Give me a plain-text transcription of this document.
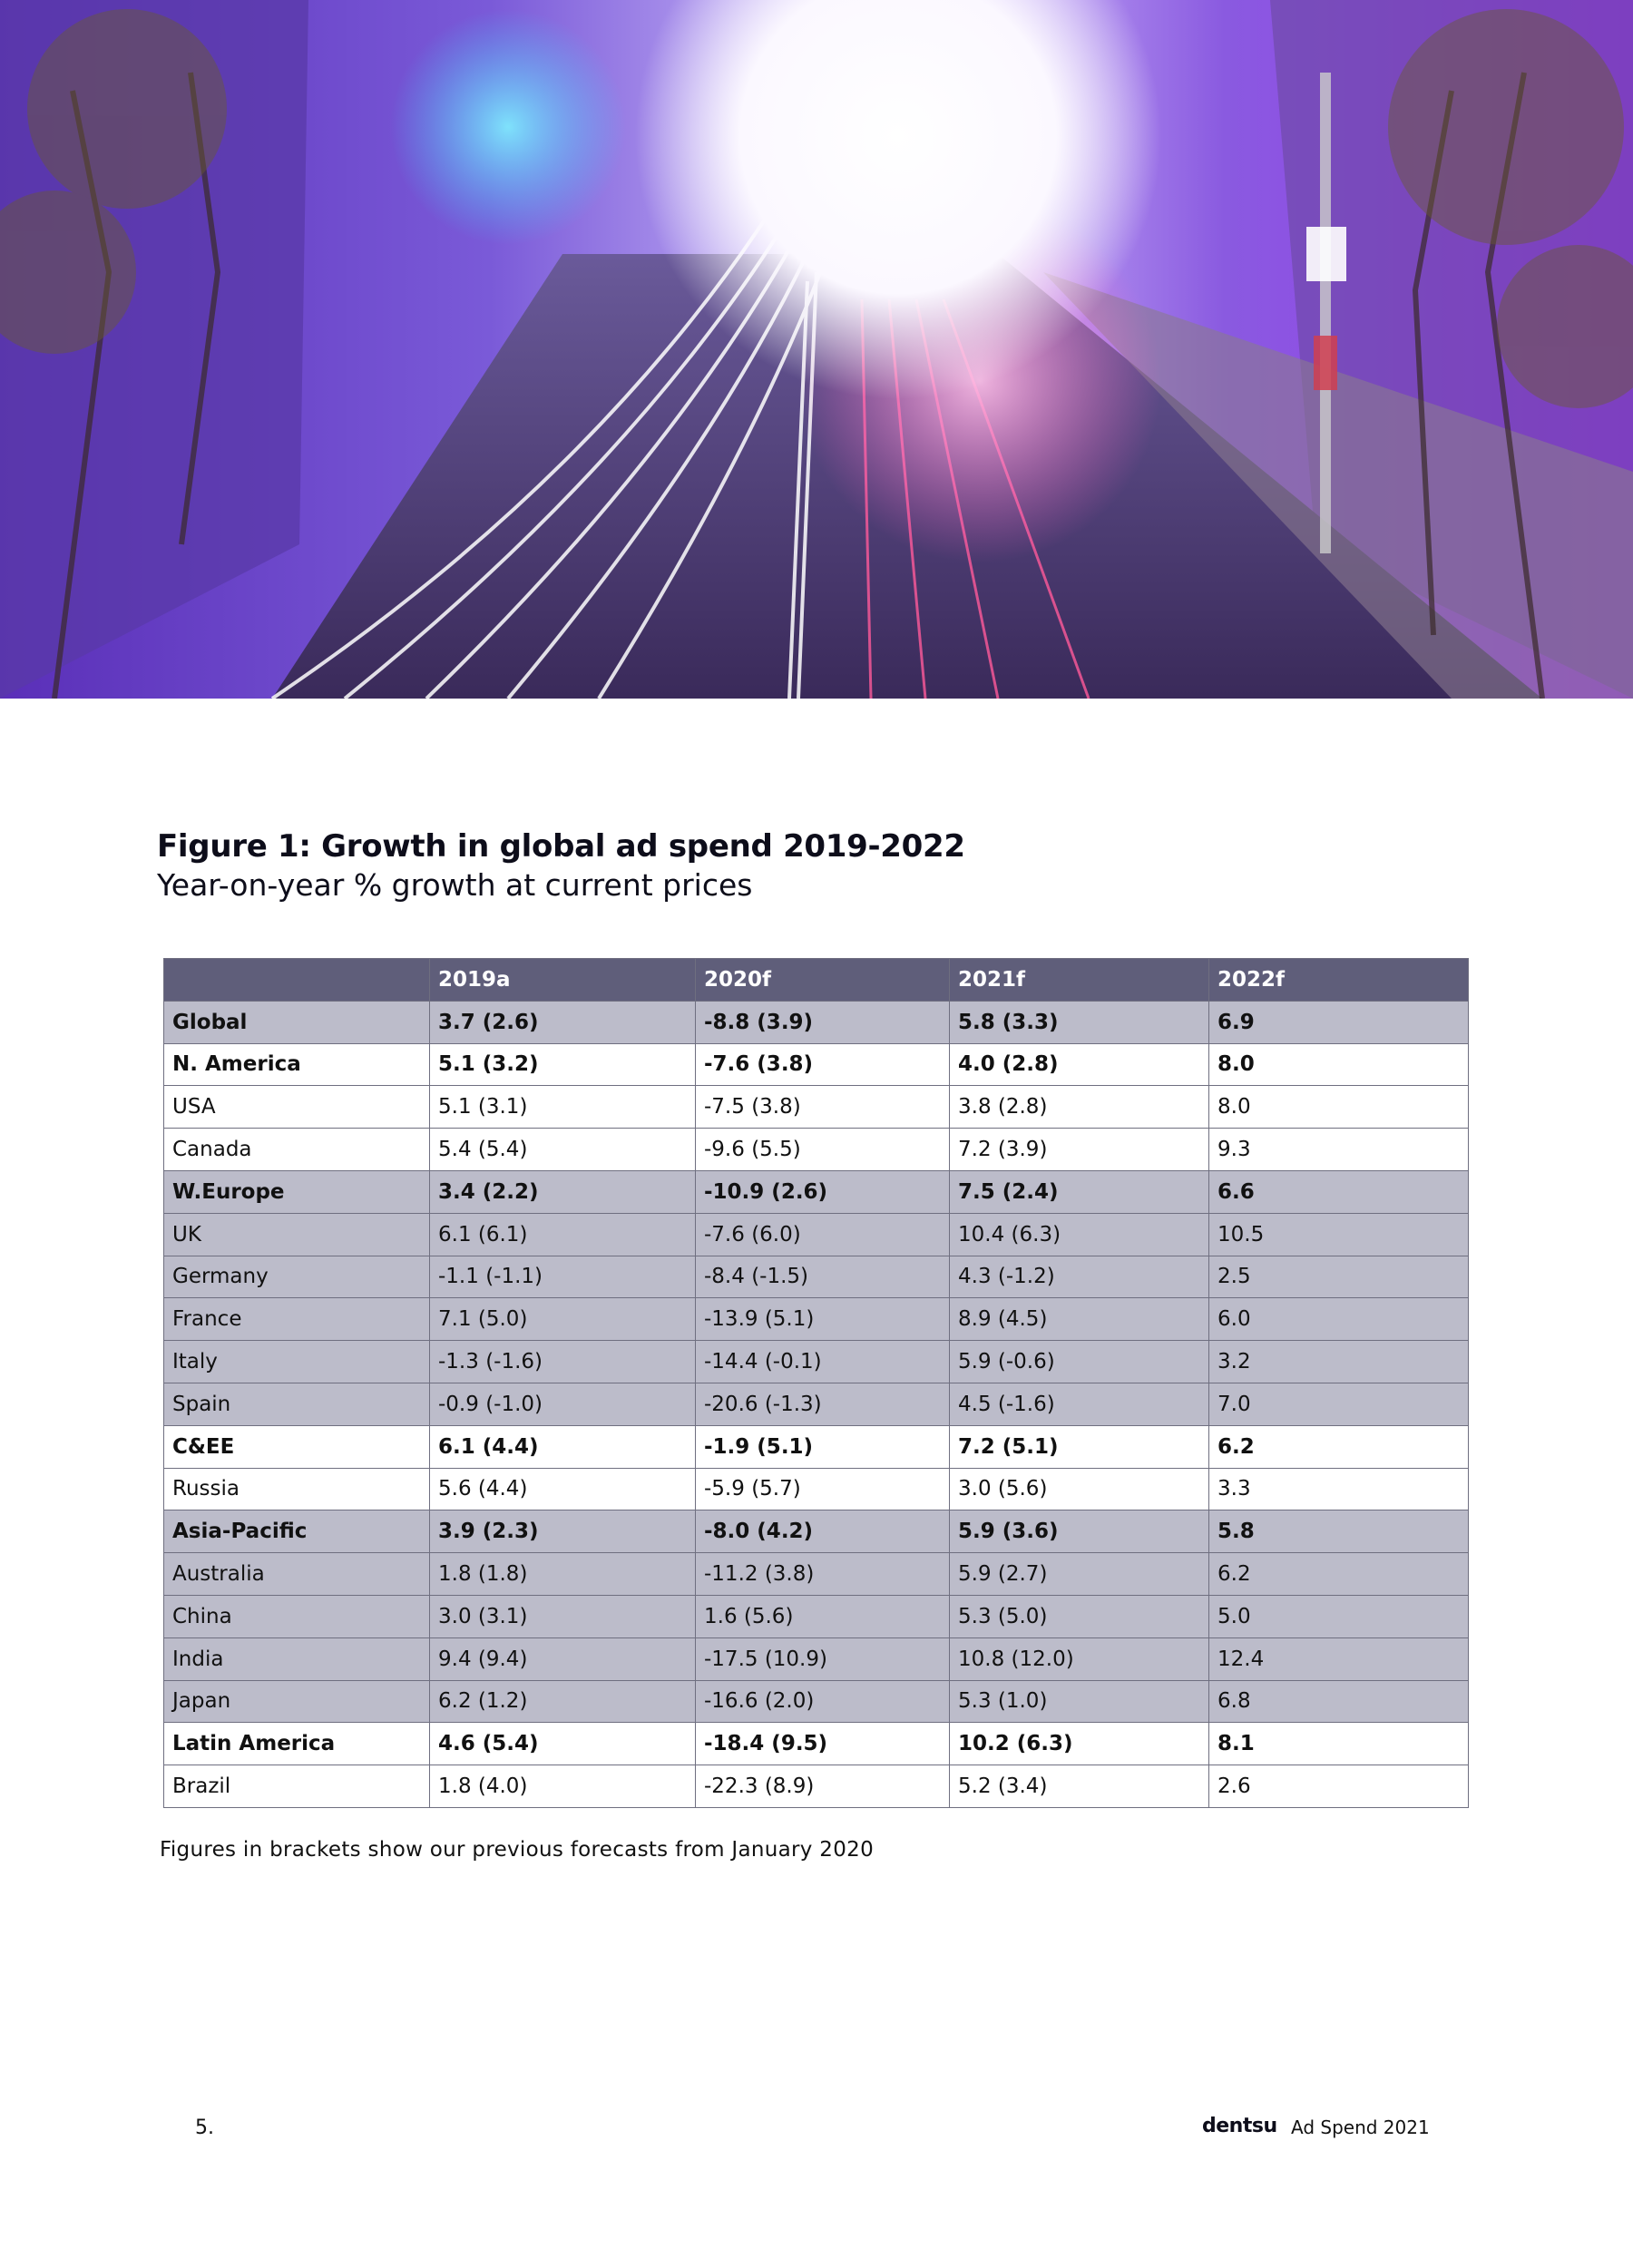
Figure 1: Growth in global ad spend 2019-2022
Year-on-year % growth at current prices
	2019a	2020f	2021f	2022f
Global	3.7 (2.6)	-8.8 (3.9)	5.8 (3.3)	6.9
N. America	5.1 (3.2)	-7.6 (3.8)	4.0 (2.8)	8.0
USA	5.1 (3.1)	-7.5 (3.8)	3.8 (2.8)	8.0
Canada	5.4 (5.4)	-9.6 (5.5)	7.2 (3.9)	9.3
W.Europe	3.4 (2.2)	-10.9 (2.6)	7.5 (2.4)	6.6
UK	6.1 (6.1)	-7.6 (6.0)	10.4 (6.3)	10.5
Germany	-1.1 (-1.1)	-8.4 (-1.5)	4.3 (-1.2)	2.5
France	7.1 (5.0)	-13.9 (5.1)	8.9 (4.5)	6.0
Italy	-1.3 (-1.6)	-14.4 (-0.1)	5.9 (-0.6)	3.2
Spain	-0.9 (-1.0)	-20.6 (-1.3)	4.5 (-1.6)	7.0
C&EE	6.1 (4.4)	-1.9 (5.1)	7.2 (5.1)	6.2
Russia	5.6 (4.4)	-5.9 (5.7)	3.0 (5.6)	3.3
Asia-Pacific	3.9 (2.3)	-8.0 (4.2)	5.9 (3.6)	5.8
Australia	1.8 (1.8)	-11.2 (3.8)	5.9 (2.7)	6.2
China	3.0 (3.1)	1.6 (5.6)	5.3 (5.0)	5.0
India	9.4 (9.4)	-17.5 (10.9)	10.8 (12.0)	12.4
Japan	6.2 (1.2)	-16.6 (2.0)	5.3 (1.0)	6.8
Latin America	4.6 (5.4)	-18.4 (9.5)	10.2 (6.3)	8.1
Brazil	1.8 (4.0)	-22.3 (8.9)	5.2 (3.4)	2.6
Figures in brackets show our previous forecasts from January 2020
5.	dentsu Ad Spend 2021
